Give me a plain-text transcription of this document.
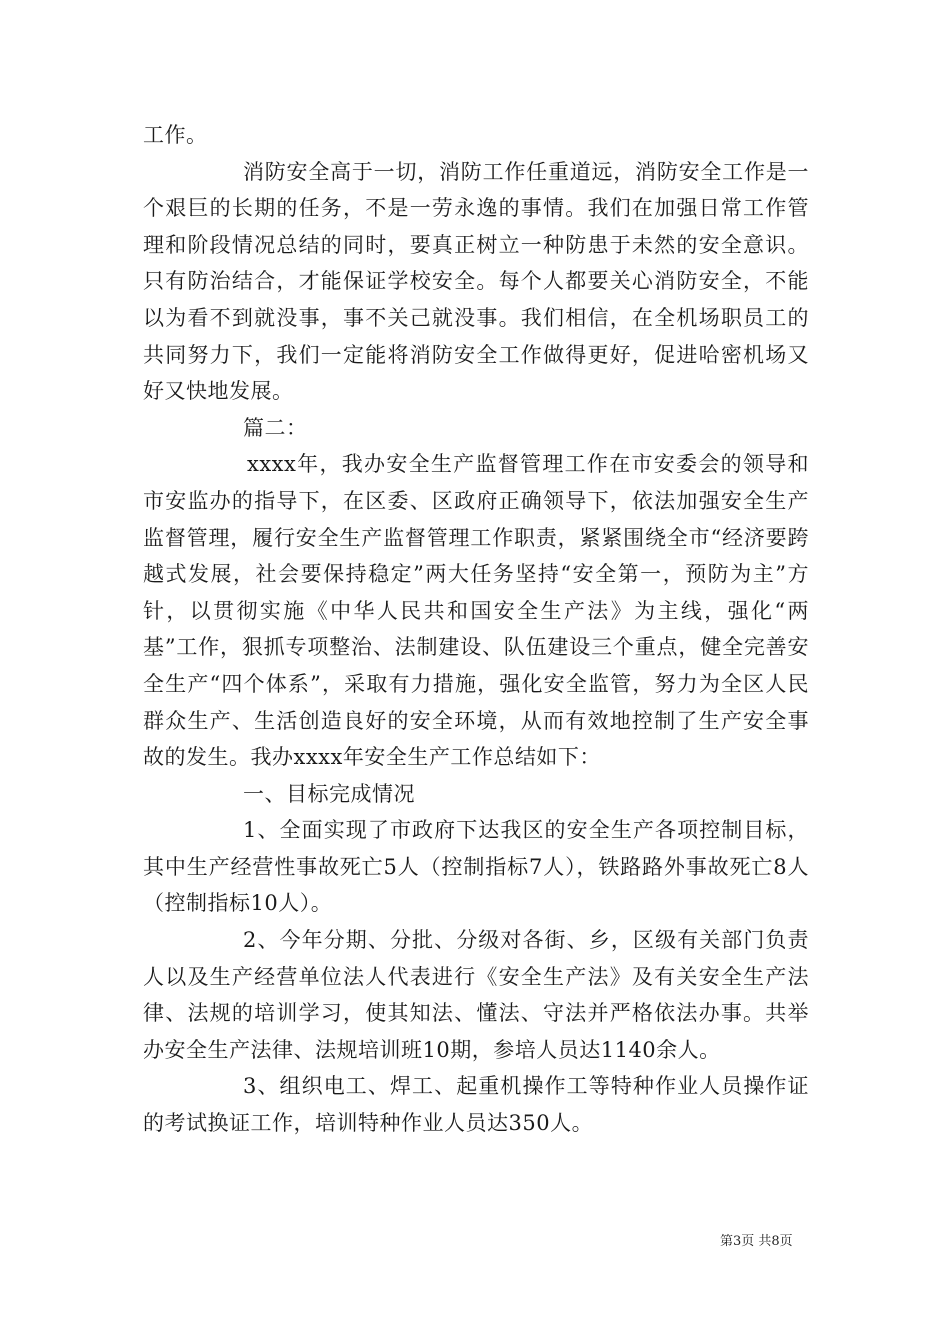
工作。

消防安全高于一切，消防工作任重道远，消防安全工作是一个艰巨的长期的任务，不是一劳永逸的事情。我们在加强日常工作管理和阶段情况总结的同时，要真正树立一种防患于未然的安全意识。只有防治结合，才能保证学校安全。每个人都要关心消防安全，不能以为看不到就没事，事不关己就没事。我们相信，在全机场职员工的共同努力下，我们一定能将消防安全工作做得更好，促进哈密机场又好又快地发展。

篇二：

xxxx年，我办安全生产监督管理工作在市安委会的领导和市安监办的指导下，在区委、区政府正确领导下，依法加强安全生产监督管理，履行安全生产监督管理工作职责，紧紧围绕全市“经济要跨越式发展，社会要保持稳定”两大任务坚持“安全第一，预防为主”方针，以贯彻实施《中华人民共和国安全生产法》为主线，强化“两基”工作，狠抓专项整治、法制建设、队伍建设三个重点，健全完善安全生产“四个体系”，采取有力措施，强化安全监管，努力为全区人民群众生产、生活创造良好的安全环境，从而有效地控制了生产安全事故的发生。我办xxxx年安全生产工作总结如下：

一、目标完成情况

1、全面实现了市政府下达我区的安全生产各项控制目标，其中生产经营性事故死亡5人（控制指标7人），铁路路外事故死亡8人（控制指标10人）。

2、今年分期、分批、分级对各街、乡，区级有关部门负责人以及生产经营单位法人代表进行《安全生产法》及有关安全生产法律、法规的培训学习，使其知法、懂法、守法并严格依法办事。共举办安全生产法律、法规培训班10期，参培人员达1140余人。

3、组织电工、焊工、起重机操作工等特种作业人员操作证的考试换证工作，培训特种作业人员达350人。

第3页 共8页
